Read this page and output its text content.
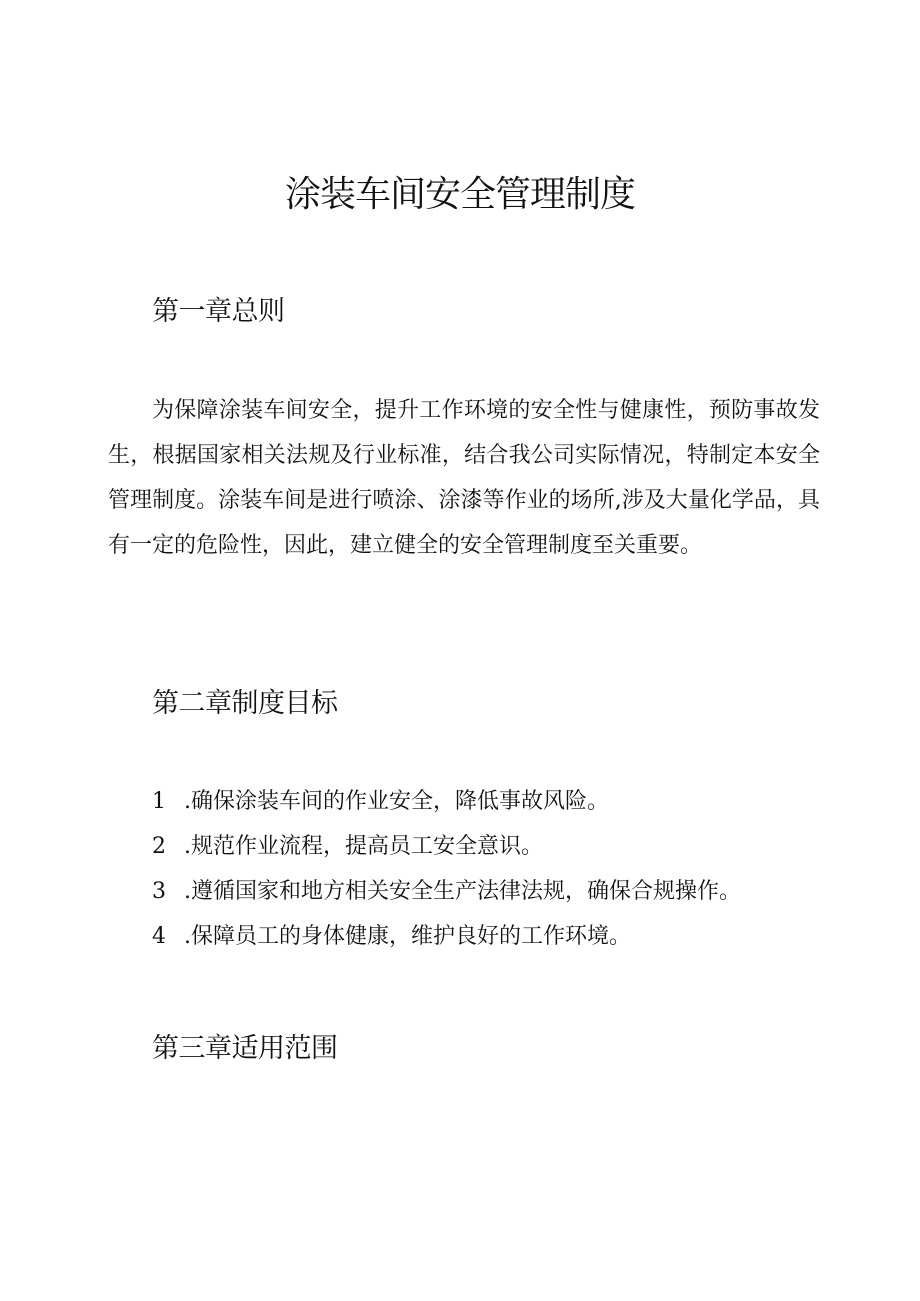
涂装车间安全管理制度
第一章总则

为保障涂装车间安全，提升工作环境的安全性与健康性，预防事故发生，根据国家相关法规及行业标准，结合我公司实际情况，特制定本安全管理制度。涂装车间是进行喷涂、涂漆等作业的场所,涉及大量化学品，具有一定的危险性，因此，建立健全的安全管理制度至关重要。

第二章制度目标
1 .确保涂装车间的作业安全，降低事故风险。
2 .规范作业流程，提高员工安全意识。
3 .遵循国家和地方相关安全生产法律法规，确保合规操作。
4 .保障员工的身体健康，维护良好的工作环境。
第三章适用范围
